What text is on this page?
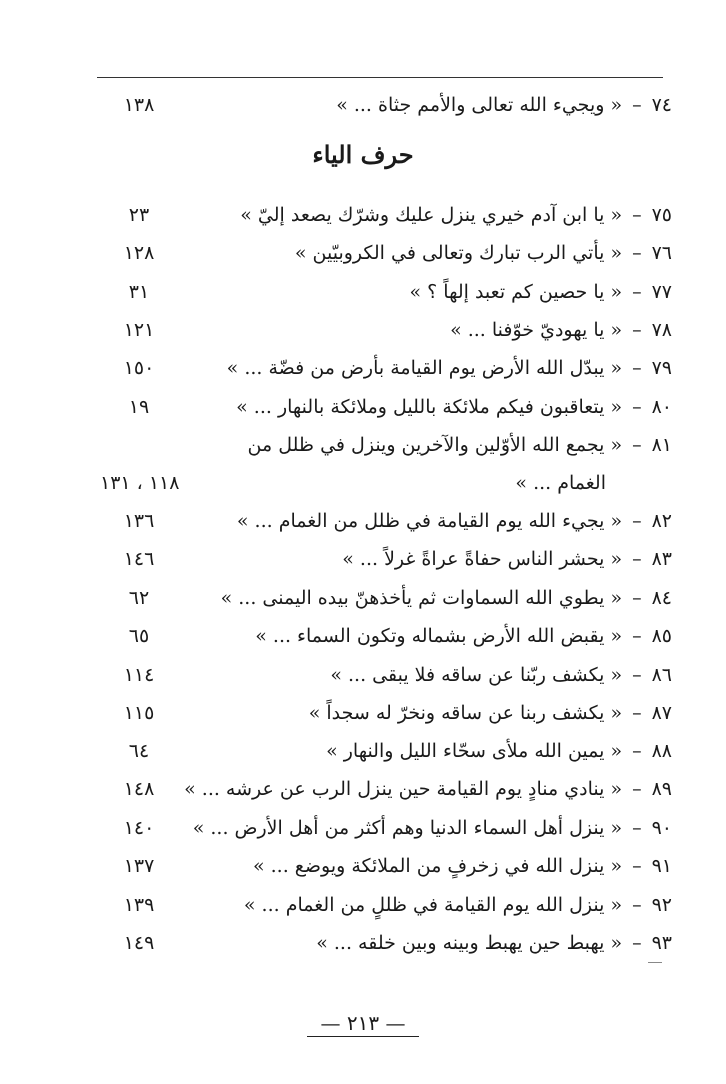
٧٤–« ويجيء الله تعالى والأمم جثاة ... »
١٣٨
حرف الياء
٧٥–« يا ابن آدم خيري ينزل عليك وشرّك يصعد إليّ »
٢٣
٧٦–« يأتي الرب تبارك وتعالى في الكروبيّين »
١٢٨
٧٧–« يا حصين كم تعبد إلهاً ؟ »
٣١
٧٨–« يا يهوديّ خوّفنا ... »
١٢١
٧٩–« يبدّل الله الأرض يوم القيامة بأرض من فضّة ... »
١٥٠
٨٠–« يتعاقبون فيكم ملائكة بالليل وملائكة بالنهار ... »
١٩
٨١–« يجمع الله الأوّلين والآخرين وينزل في ظلل من
الغمام ... »
١١٨ ، ١٣١
٨٢–« يجيء الله يوم القيامة في ظلل من الغمام ... »
١٣٦
٨٣–« يحشر الناس حفاةً عراةً غرلاً ... »
١٤٦
٨٤–« يطوي الله السماوات ثم يأخذهنّ بيده اليمنى ... »
٦٢
٨٥–« يقبض الله الأرض بشماله وتكون السماء ... »
٦٥
٨٦–« يكشف ربّنا عن ساقه فلا يبقى ... »
١١٤
٨٧–« يكشف ربنا عن ساقه ونخرّ له سجداً »
١١٥
٨٨–« يمين الله ملأى سحّاء الليل والنهار »
٦٤
٨٩–« ينادي منادٍ يوم القيامة حين ينزل الرب عن عرشه ... »
١٤٨
٩٠–« ينزل أهل السماء الدنيا وهم أكثر من أهل الأرض ... »
١٤٠
٩١–« ينزل الله في زخرفٍ من الملائكة ويوضع ... »
١٣٧
٩٢–« ينزل الله يوم القيامة في ظللٍ من الغمام ... »
١٣٩
٩٣–« يهبط حين يهبط وبينه وبين خلقه ... »
١٤٩
— ٢١٣ —
